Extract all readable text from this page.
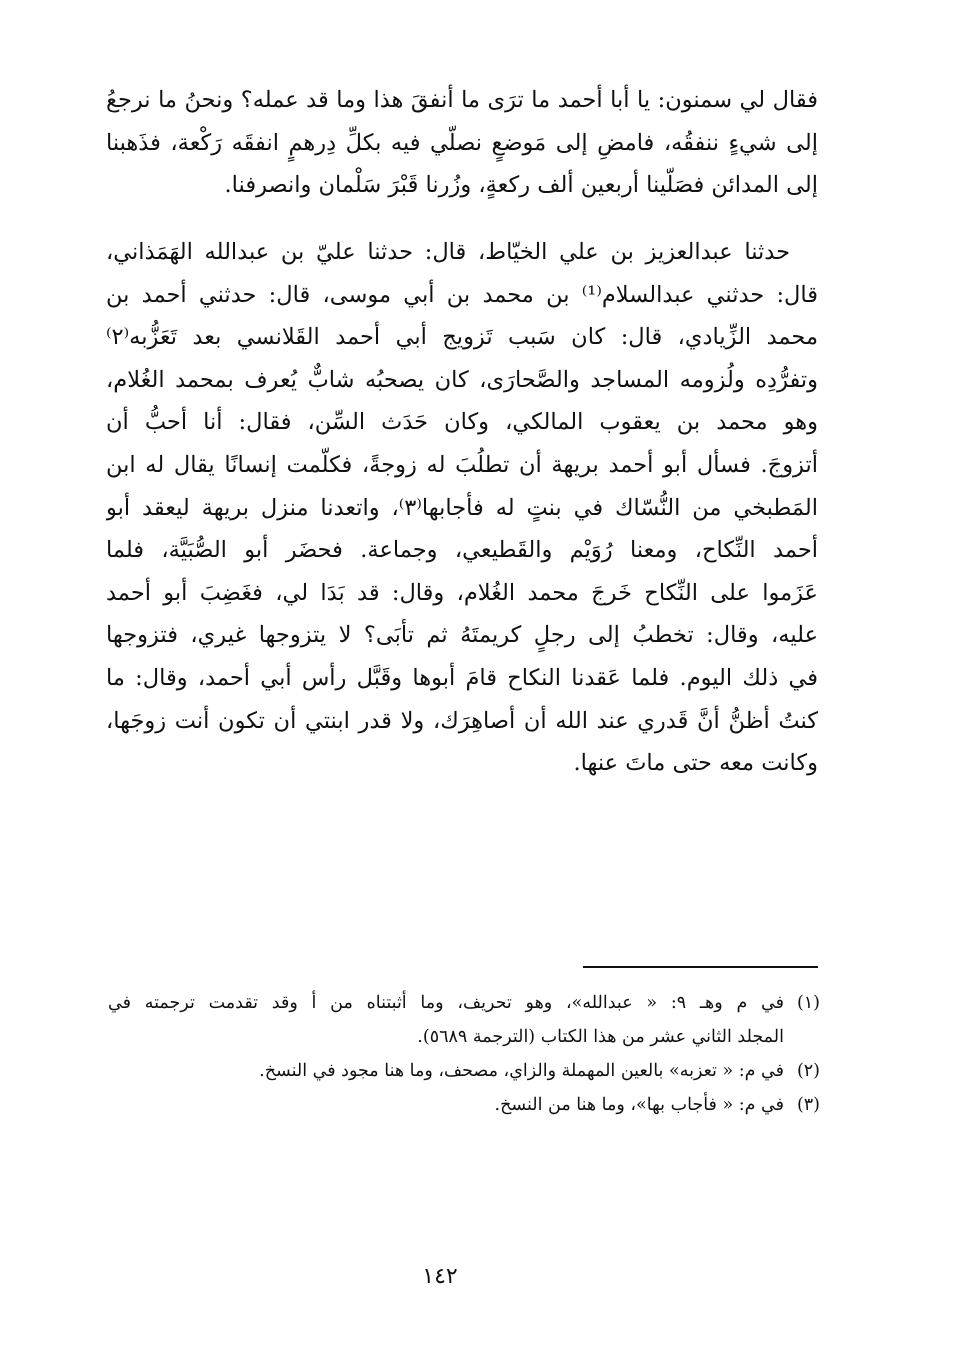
فقال لي سمنون: يا أبا أحمد ما ترَى ما أنفقَ هذا وما قد عمله؟ ونحنُ ما نرجعُ
إلى شيءٍ ننفقُه، فامضِ إلى مَوضعٍ نصلّي فيه بكلِّ دِرهمٍ انفقَه رَكْعة، فذَهبنا
إلى المدائن فصَلّينا أربعين ألف ركعةٍ، وزُرنا قَبْرَ سَلْمان وانصرفنا.
حدثنا عبدالعزيز بن علي الخيّاط، قال: حدثنا عليّ بن عبدالله الهَمَذاني،
قال: حدثني عبدالسلام⁽¹⁾ بن محمد بن أبي موسى، قال: حدثني أحمد بن
محمد الزِّيادي، قال: كان سَبب تَزويج أبي أحمد القَلانسي بعد تَعَزُّبه⁽٢⁾
وتفرُّدِه ولُزومه المساجد والصَّحارَى، كان يصحبُه شابٌّ يُعرف بمحمد الغُلام،
وهو محمد بن يعقوب المالكي، وكان حَدَث السِّن، فقال: أنا أحبُّ أن
أتزوجَ. فسأل أبو أحمد بريهة أن تطلُبَ له زوجةً، فكلّمت إنسانًا يقال له ابن
المَطبخي من النُّسّاك في بنتٍ له فأجابها⁽٣⁾، واتعدنا منزل بريهة ليعقد أبو
أحمد النِّكاح، ومعنا رُوَيْم والقَطيعي، وجماعة. فحضَر أبو الصُّبَيَّة، فلما
عَزَموا على النِّكاح خَرجَ محمد الغُلام، وقال: قد بَدَا لي، فغَضِبَ أبو أحمد
عليه، وقال: تخطبُ إلى رجلٍ كريمتَهُ ثم تأبَى؟ لا يتزوجها غيري، فتزوجها
في ذلك اليوم. فلما عَقدنا النكاح قامَ أبوها وقَبَّل رأس أبي أحمد، وقال: ما
كنتُ أظنُّ أنَّ قَدري عند الله أن أصاهِرَك، ولا قدر ابنتي أن تكون أنت زوجَها،
وكانت معه حتى ماتَ عنها.
(١)
في م وهـ ٩: « عبدالله»، وهو تحريف، وما أثبتناه من أ وقد تقدمت ترجمته في
المجلد الثاني عشر من هذا الكتاب (الترجمة ٥٦٨٩).
(٢)
في م: « تعزبه» بالعين المهملة والزاي، مصحف، وما هنا مجود في النسخ.
(٣)
في م: « فأجاب بها»، وما هنا من النسخ.
١٤٢
